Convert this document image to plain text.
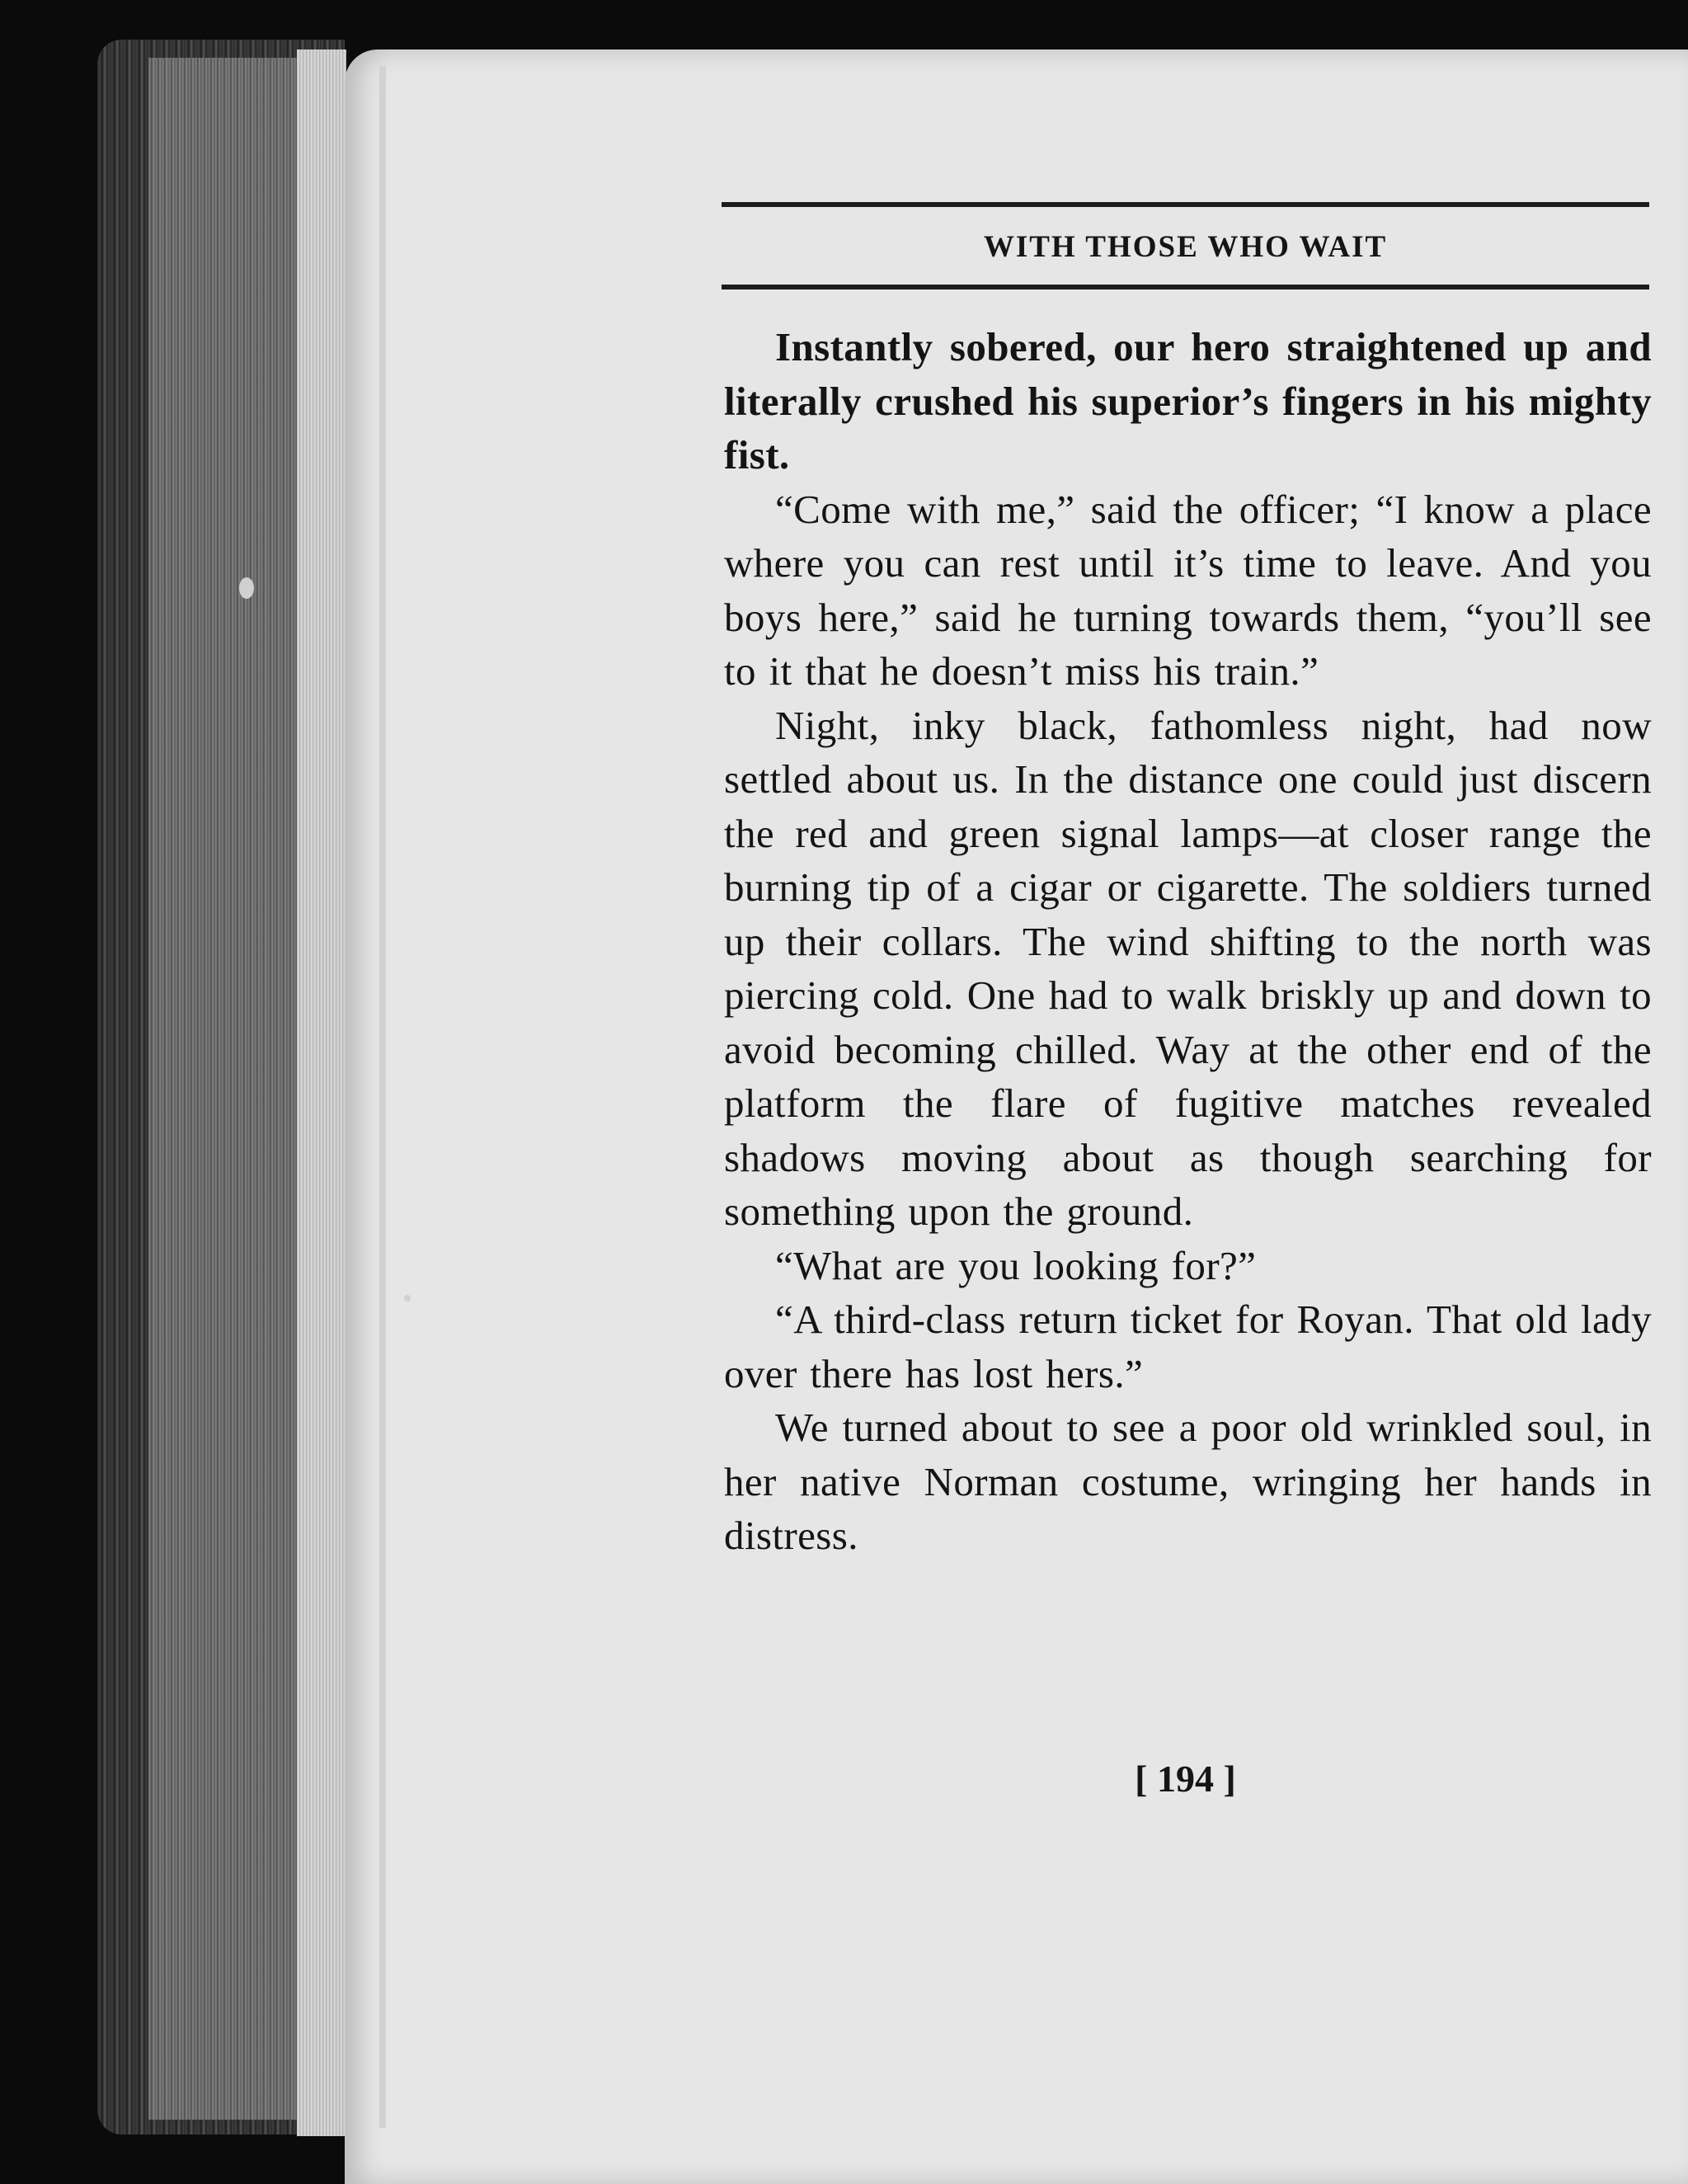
WITH THOSE WHO WAIT

Instantly sobered, our hero straightened up and literally crushed his superior’s fingers in his mighty fist.

“Come with me,” said the officer; “I know a place where you can rest until it’s time to leave. And you boys here,” said he turning towards them, “you’ll see to it that he doesn’t miss his train.”

Night, inky black, fathomless night, had now settled about us. In the distance one could just discern the red and green signal lamps—at closer range the burning tip of a cigar or cigarette. The soldiers turned up their collars. The wind shifting to the north was piercing cold. One had to walk briskly up and down to avoid becoming chilled. Way at the other end of the platform the flare of fugitive matches revealed shadows moving about as though searching for something upon the ground.

“What are you looking for?”

“A third-class return ticket for Royan. That old lady over there has lost hers.”

We turned about to see a poor old wrinkled soul, in her native Norman costume, wringing her hands in distress.

[ 194 ]
